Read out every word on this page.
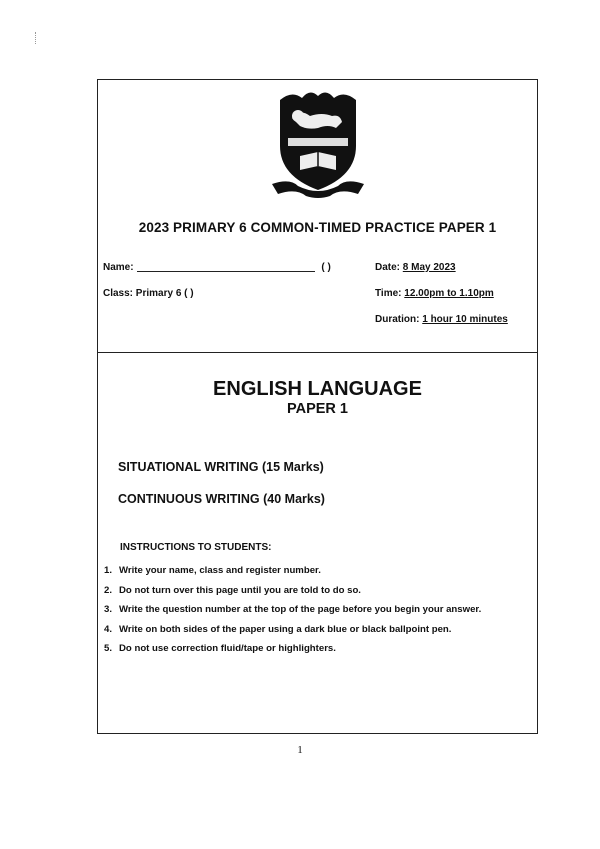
2023 PRIMARY 6 COMMON-TIMED PRACTICE PAPER 1
Name:	( )
Class: Primary 6 ( )
Date: 8 May 2023
Time: 12.00pm to 1.10pm
Duration: 1 hour 10 minutes
ENGLISH LANGUAGE
PAPER 1
SITUATIONAL WRITING (15 Marks)
CONTINUOUS WRITING (40 Marks)
INSTRUCTIONS TO STUDENTS:
1. Write your name, class and register number.
2. Do not turn over this page until you are told to do so.
3. Write the question number at the top of the page before you begin your answer.
4. Write on both sides of the paper using a dark blue or black ballpoint pen.
5. Do not use correction fluid/tape or highlighters.
1
